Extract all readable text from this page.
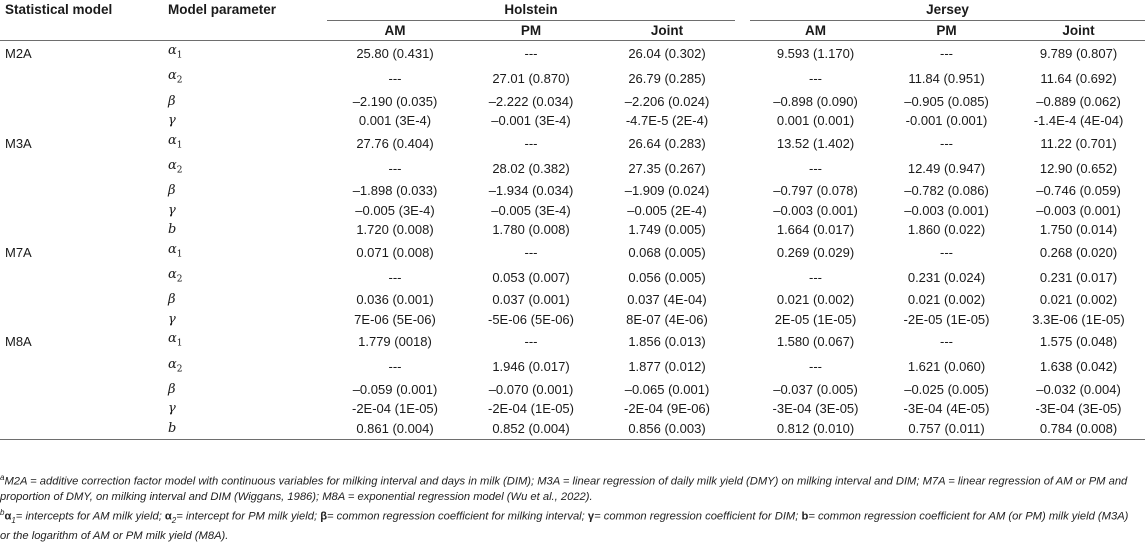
Statistical model	Model parameter	Holstein				Jersey		
		AM	PM	Joint		AM	PM	Joint
M2A	$\alpha_1$	25.80 (0.431)	---	26.04 (0.302)		9.593 (1.170)	---	9.789 (0.807)
	$\alpha_2$	---	27.01 (0.870)	26.79 (0.285)		---	11.84 (0.951)	11.64 (0.692)
	β	–2.190 (0.035)	–2.222 (0.034)	–2.206 (0.024)		–0.898 (0.090)	–0.905 (0.085)	–0.889 (0.062)
	γ	0.001 (3E-4)	–0.001 (3E-4)	-4.7E-5 (2E-4)		0.001 (0.001)	-0.001 (0.001)	-1.4E-4 (4E-04)
M3A	$\alpha_1$	27.76 (0.404)	---	26.64 (0.283)		13.52 (1.402)	---	11.22 (0.701)
	$\alpha_2$	---	28.02 (0.382)	27.35 (0.267)		---	12.49 (0.947)	12.90 (0.652)
	β	–1.898 (0.033)	–1.934 (0.034)	–1.909 (0.024)		–0.797 (0.078)	–0.782 (0.086)	–0.746 (0.059)
	γ	–0.005 (3E-4)	–0.005 (3E-4)	–0.005 (2E-4)		–0.003 (0.001)	–0.003 (0.001)	–0.003 (0.001)
	b	1.720 (0.008)	1.780 (0.008)	1.749 (0.005)		1.664 (0.017)	1.860 (0.022)	1.750 (0.014)
M7A	$\alpha_1$	0.071 (0.008)	---	0.068 (0.005)		0.269 (0.029)	---	0.268 (0.020)
	$\alpha_2$	---	0.053 (0.007)	0.056 (0.005)		---	0.231 (0.024)	0.231 (0.017)
	β	0.036 (0.001)	0.037 (0.001)	0.037 (4E-04)		0.021 (0.002)	0.021 (0.002)	0.021 (0.002)
	γ	7E-06 (5E-06)	-5E-06 (5E-06)	8E-07 (4E-06)		2E-05 (1E-05)	-2E-05 (1E-05)	3.3E-06 (1E-05)
M8A	$\alpha_1$	1.779 (0018)	---	1.856 (0.013)		1.580 (0.067)	---	1.575 (0.048)
	$\alpha_2$	---	1.946 (0.017)	1.877 (0.012)		---	1.621 (0.060)	1.638 (0.042)
	β	–0.059 (0.001)	–0.070 (0.001)	–0.065 (0.001)		–0.037 (0.005)	–0.025 (0.005)	–0.032 (0.004)
	γ	-2E-04 (1E-05)	-2E-04 (1E-05)	-2E-04 (9E-06)		-3E-04 (3E-05)	-3E-04 (4E-05)	-3E-04 (3E-05)
	b	0.861 (0.004)	0.852 (0.004)	0.856 (0.003)		0.812 (0.010)	0.757 (0.011)	0.784 (0.008)

$^a$M2A = additive correction factor model with continuous variables for milking interval and days in milk (DIM); M3A = linear regression of daily milk yield (DMY) on milking interval and DIM; M7A = linear regression of AM or PM and proportion of DMY, on milking interval and DIM (Wiggans, 1986); M8A = exponential regression model (Wu et al., 2022).

$^b\alpha_1=$ intercepts for AM milk yield; $\alpha_2=$ intercept for PM milk yield; β= common regression coefficient for milking interval; γ= common regression coefficient for DIM; b= common regression coefficient for AM (or PM) milk yield (M3A) or the logarithm of AM or PM milk yield (M8A).
